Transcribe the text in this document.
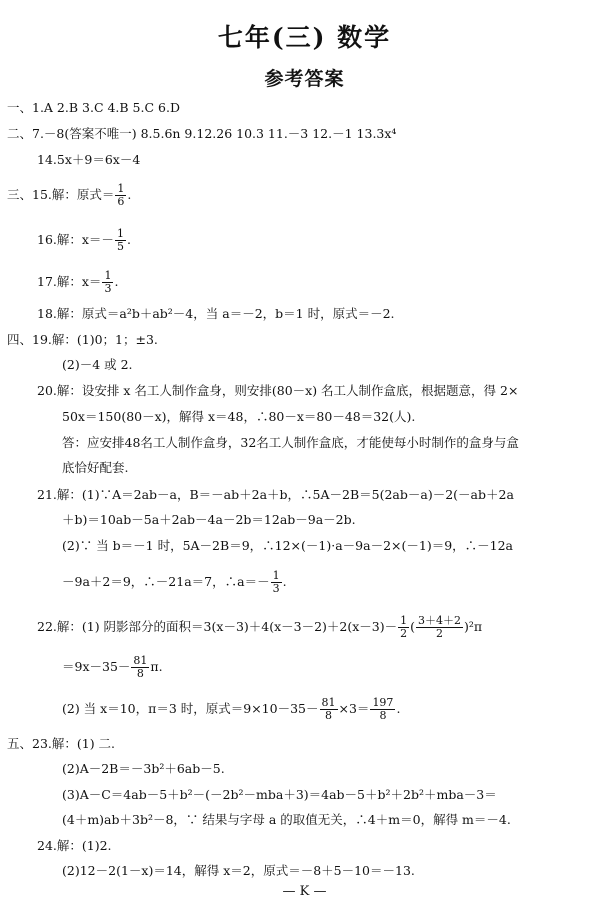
七年(三) 数学
参考答案
一、1.A 2.B 3.C 4.B 5.C 6.D
二、7.－8(答案不唯一) 8.5.6n 9.12.26 10.3 11.－3 12.－1 13.3x⁴
14.5x＋9＝6x－4
三、15.解：原式＝ $\frac{1}{6}$ .
16.解：$x=- \frac{1}{5}$ .
17.解：$x= \frac{1}{3}$ .
18.解：原式＝a²b＋ab²－4，当 a＝－2，b＝1 时，原式＝－2.
四、19.解：(1)0；1；±3.
(2)－4 或 2.
20.解：设安排 x 名工人制作盒身，则安排(80－x) 名工人制作盒底，根据题意，得 2×
50x＝150(80－x)，解得 x＝48，∴80－x＝80－48＝32(人).
答：应安排48名工人制作盒身，32名工人制作盒底，才能使每小时制作的盒身与盒
底恰好配套.
21.解：(1)∵A＝2ab－a，B＝－ab＋2a＋b，∴5A－2B＝5(2ab－a)－2(－ab＋2a
＋b)＝10ab－5a＋2ab－4a－2b＝12ab－9a－2b.
(2)∵ 当 b＝－1 时，5A－2B＝9，∴12×(－1)·a－9a－2×(－1)＝9，∴－12a
－9a＋2＝9，∴－21a＝7，∴a＝－ $\frac{1}{3}$ .
22.解：(1) 阴影部分的面积$=3(x-3)+4(x-3-2)+2(x-3)- \frac{1}{2}$ ( $\frac{3+4+2}{2} )^2\pi$
$=9x-35- \frac{81}{8} \pi$.
(2) 当 x＝10，π＝3 时，原式$=9\times 10-35- \frac{81}{8} \times 3= \frac{197}{8}$ .
五、23.解：(1) 二.
(2)A－2B＝－3b²＋6ab－5.
(3)A－C＝4ab－5＋b²－(－2b²－mba＋3)＝4ab－5＋b²＋2b²＋mba－3＝
(4＋m)ab＋3b²－8，∵ 结果与字母 a 的取值无关，∴4＋m＝0，解得 m＝－4.
24.解：(1)2.
(2)12－2(1－x)＝14，解得 x＝2，原式＝－8＋5－10＝－13.
— K —
